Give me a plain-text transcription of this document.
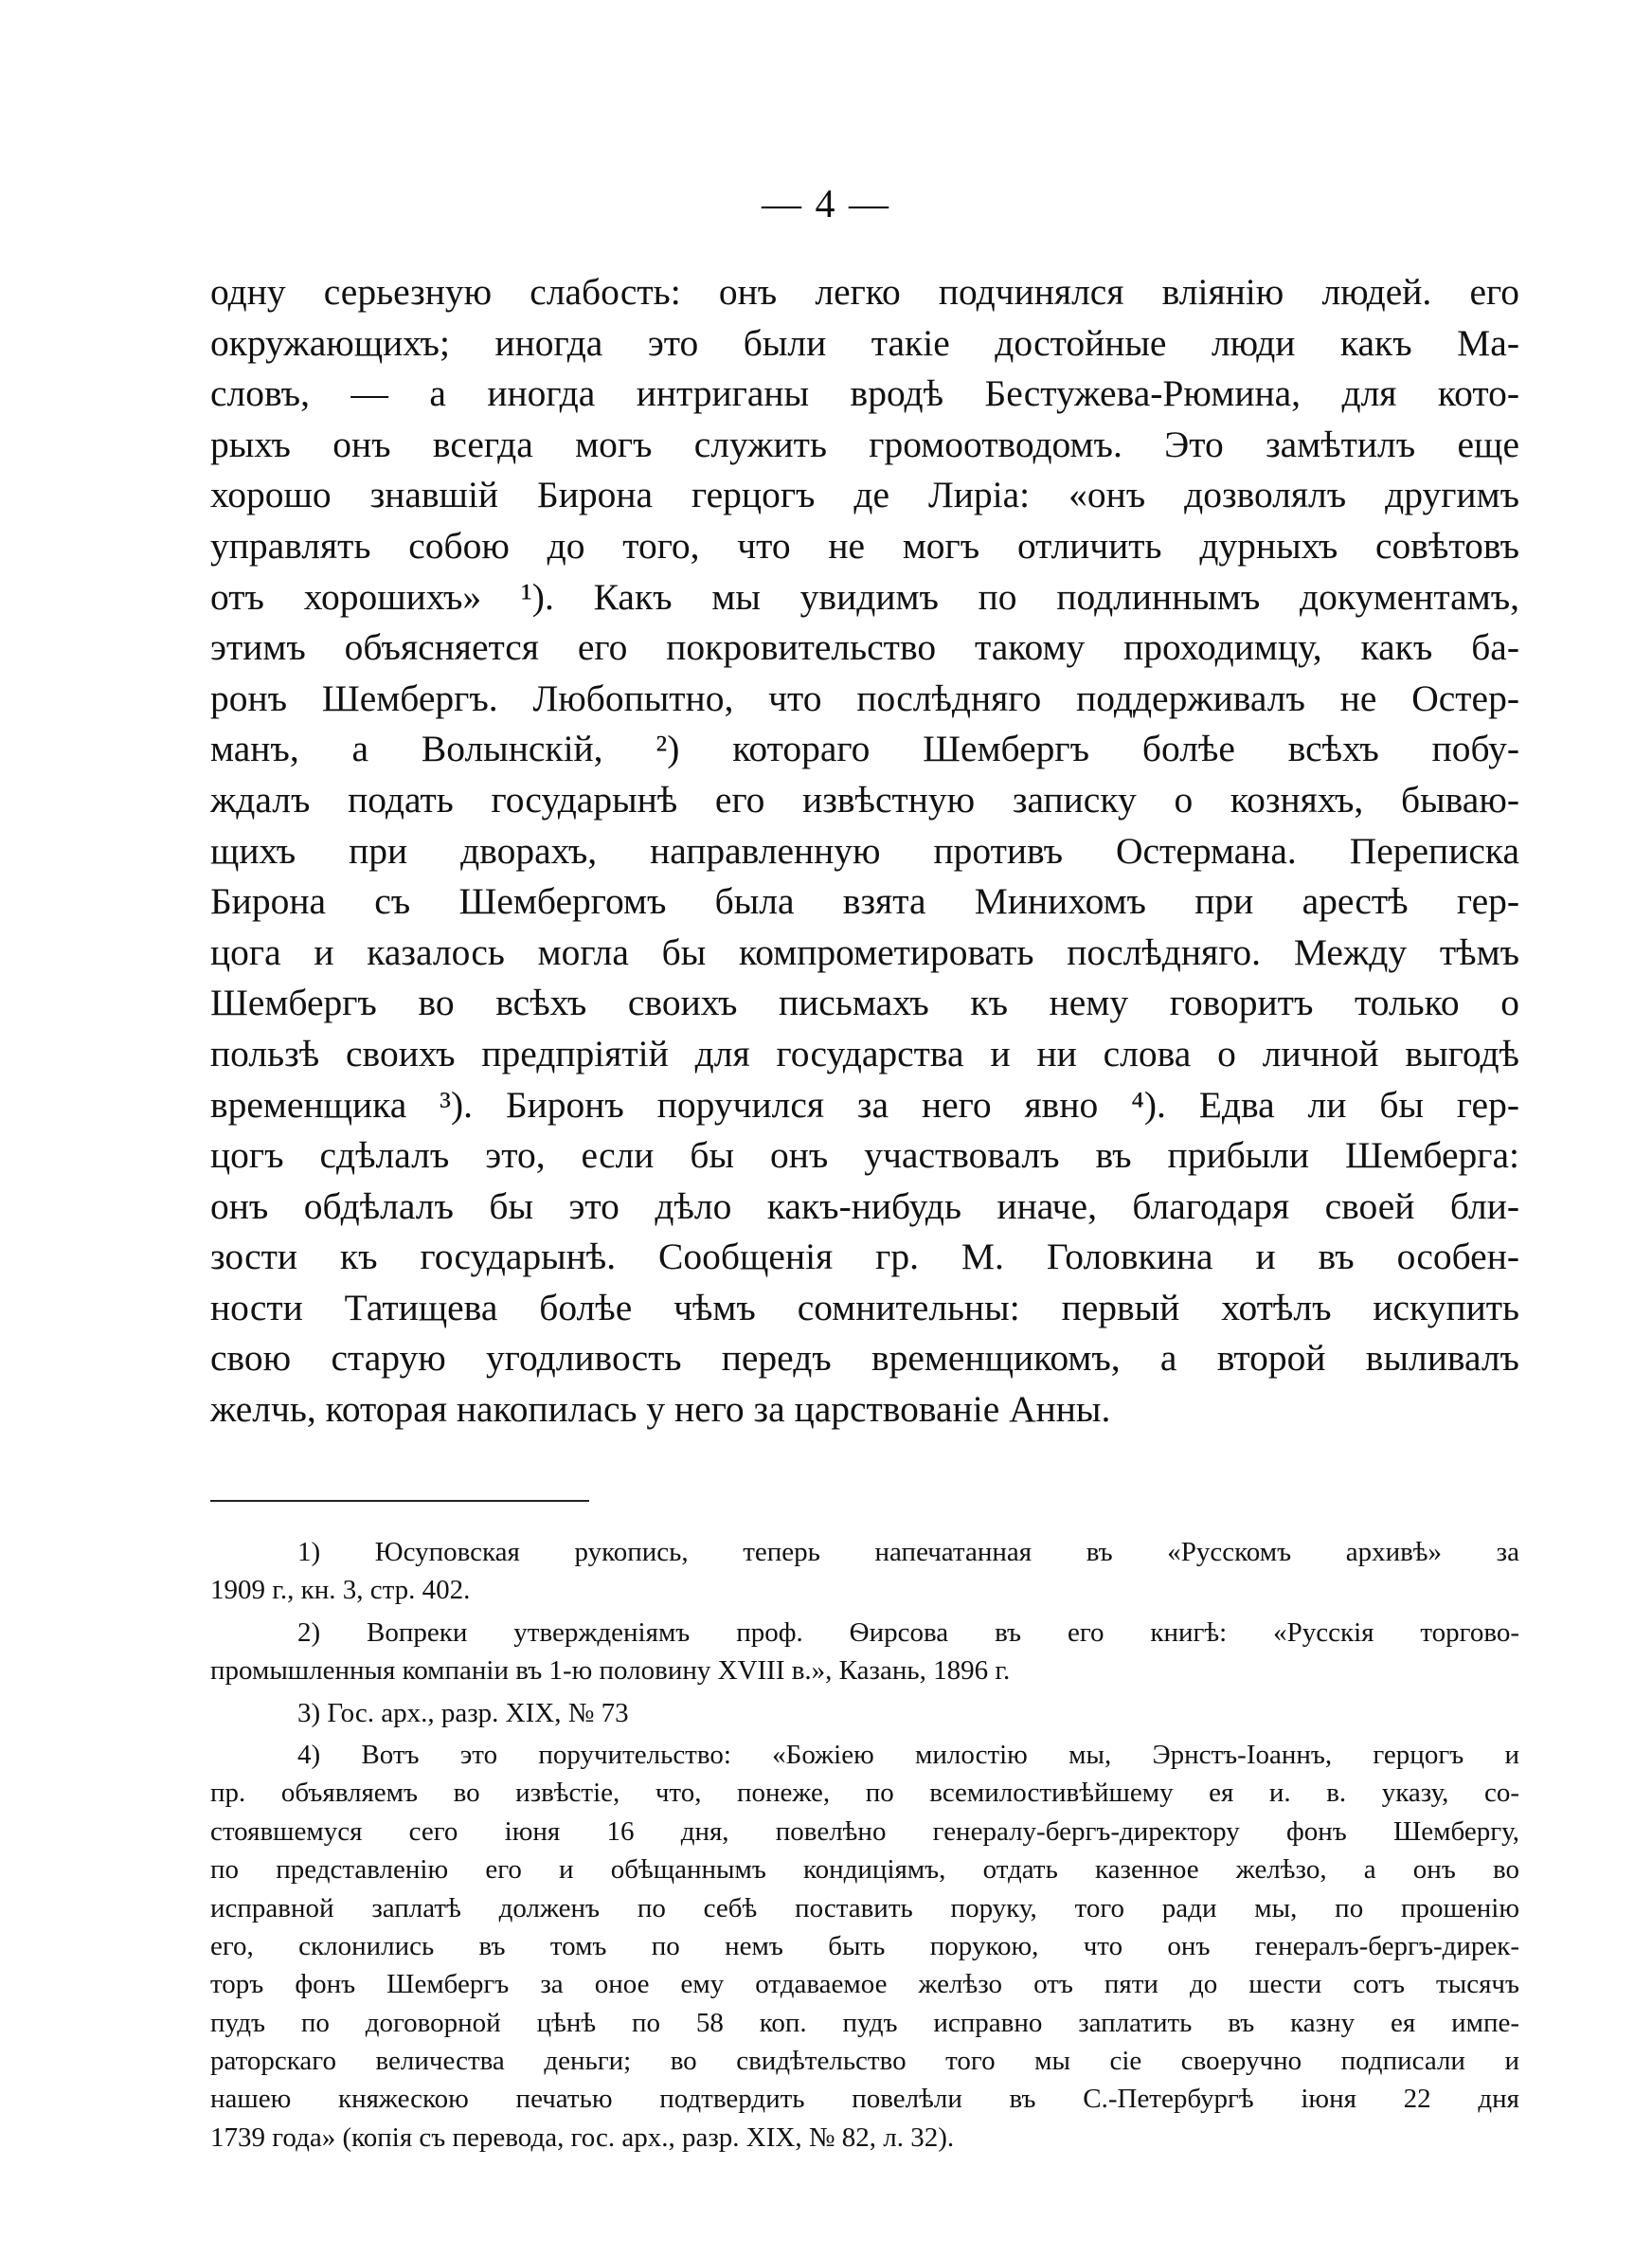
— 4 —
одну серьезную слабость: онъ легко подчинялся вліянію людей. его
окружающихъ; иногда это были такіе достойные люди какъ Ма-
словъ, — а иногда интриганы вродѣ Бестужева-Рюмина, для кото-
рыхъ онъ всегда могъ служить громоотводомъ. Это замѣтилъ еще
хорошо знавшій Бирона герцогъ де Лиріа: «онъ дозволялъ другимъ
управлять собою до того, что не могъ отличить дурныхъ совѣтовъ
отъ хорошихъ» ¹). Какъ мы увидимъ по подлиннымъ документамъ,
этимъ объясняется его покровительство такому проходимцу, какъ ба-
ронъ Шембергъ. Любопытно, что послѣдняго поддерживалъ не Остер-
манъ, а Волынскій, ²) котораго Шембергъ болѣе всѣхъ побу-
ждалъ подать государынѣ его извѣстную записку о козняхъ, бываю-
щихъ при дворахъ, направленную противъ Остермана. Переписка
Бирона съ Шембергомъ была взята Минихомъ при арестѣ гер-
цога и казалось могла бы компрометировать послѣдняго. Между тѣмъ
Шембергъ во всѣхъ своихъ письмахъ къ нему говоритъ только о
пользѣ своихъ предпріятій для государства и ни слова о личной выгодѣ
временщика ³). Биронъ поручился за него явно ⁴). Едва ли бы гер-
цогъ сдѣлалъ это, если бы онъ участвовалъ въ прибыли Шемберга:
онъ обдѣлалъ бы это дѣло какъ-нибудь иначе, благодаря своей бли-
зости къ государынѣ. Сообщенія гр. М. Головкина и въ особен-
ности Татищева болѣе чѣмъ сомнительны: первый хотѣлъ искупить
свою старую угодливость передъ временщикомъ, а второй выливалъ
желчь, которая накопилась у него за царствованіе Анны.
1) Юсуповская рукопись, теперь напечатанная въ «Русскомъ архивѣ» за
1909 г., кн. 3, стр. 402.
2) Вопреки утвержденіямъ проф. Ѳирсова въ его книгѣ: «Русскія торгово-
промышленныя компаніи въ 1-ю половину XVIII в.», Казань, 1896 г.
3) Гос. арх., разр. XIX, № 73
4) Вотъ это поручительство: «Божіею милостію мы, Эрнстъ-Іоаннъ, герцогъ и
пр. объявляемъ во извѣстіе, что, понеже, по всемилостивѣйшему ея и. в. указу, со-
стоявшемуся сего іюня 16 дня, повелѣно генералу-бергъ-директору фонъ Шембергу,
по представленію его и обѣщаннымъ кондиціямъ, отдать казенное желѣзо, а онъ во
исправной заплатѣ долженъ по себѣ поставить поруку, того ради мы, по прошенію
его, склонились въ томъ по немъ быть порукою, что онъ генералъ-бергъ-дирек-
торъ фонъ Шембергъ за оное ему отдаваемое желѣзо отъ пяти до шести сотъ тысячъ
пудъ по договорной цѣнѣ по 58 коп. пудъ исправно заплатить въ казну ея импе-
раторскаго величества деньги; во свидѣтельство того мы сіе своеручно подписали и
нашею княжескою печатью подтвердить повелѣли въ С.-Петербургѣ іюня 22 дня
1739 года» (копія съ перевода, гос. арх., разр. XIX, № 82, л. 32).
